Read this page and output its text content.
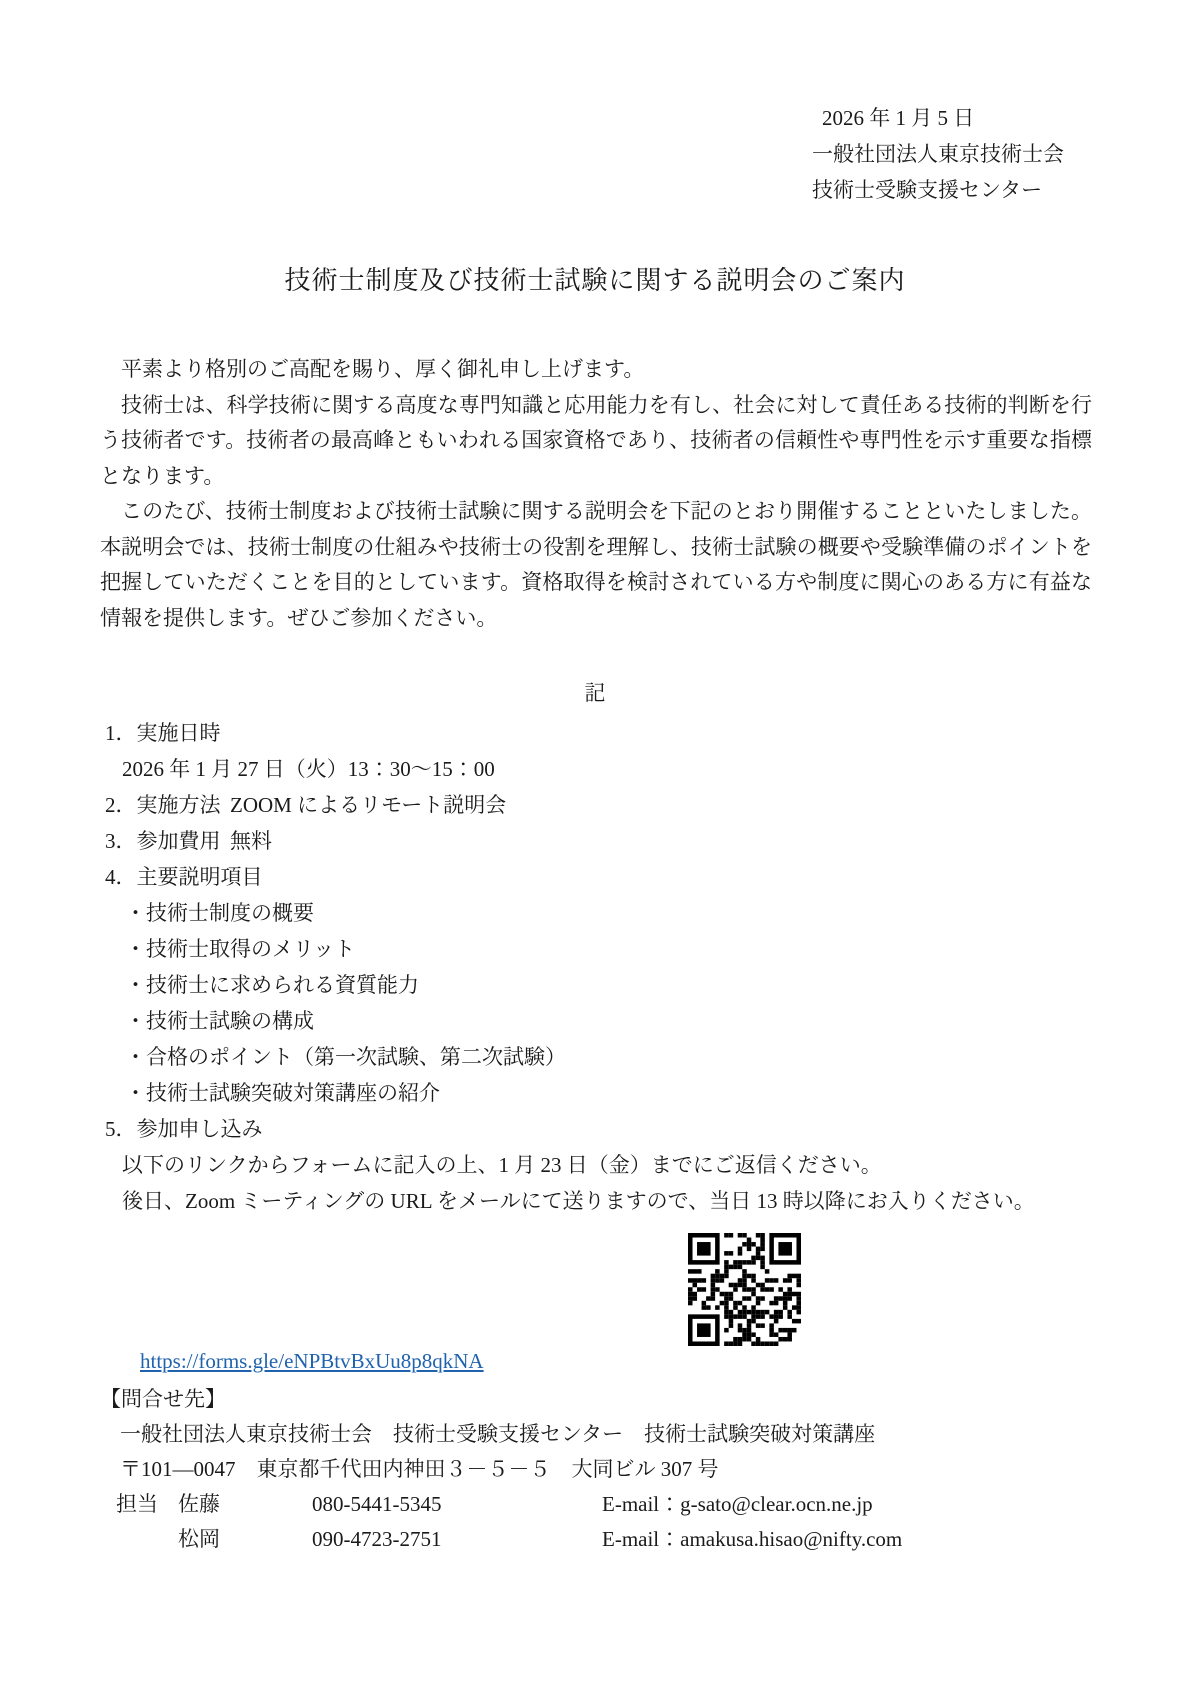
2026 年 1 月 5 日
一般社団法人東京技術士会
技術士受験支援センター
技術士制度及び技術士試験に関する説明会のご案内

平素より格別のご高配を賜り、厚く御礼申し上げます。

技術士は、科学技術に関する高度な専門知識と応用能力を有し、社会に対して責任ある技術的判断を行う技術者です。技術者の最高峰ともいわれる国家資格であり、技術者の信頼性や専門性を示す重要な指標となります。

このたび、技術士制度および技術士試験に関する説明会を下記のとおり開催することといたしました。本説明会では、技術士制度の仕組みや技術士の役割を理解し、技術士試験の概要や受験準備のポイントを把握していただくことを目的としています。資格取得を検討されている方や制度に関心のある方に有益な情報を提供します。ぜひご参加ください。

記
1．実施日時
2026 年 1 月 27 日（火）13：30～15：00
2．実施方法 ZOOM によるリモート説明会
3．参加費用 無料
4．主要説明項目
・ 技術士制度の概要
・ 技術士取得のメリット
・ 技術士に求められる資質能力
・ 技術士試験の構成
・ 合格のポイント（第一次試験、第二次試験）
・ 技術士試験突破対策講座の紹介
5．参加申し込み
以下のリンクからフォームに記入の上、1 月 23 日（金）までにご返信ください。
後日、Zoom ミーティングの URL をメールにて送りますので、当日 13 時以降にお入りください。
https://forms.gle/eNPBtvBxUu8p8qkNA
【問合せ先】
一般社団法人東京技術士会　技術士受験支援センター　技術士試験突破対策講座
〒101―0047　東京都千代田内神田３－５－５　大同ビル 307 号
担当 佐藤	080-5441-5345	E-mail： g-sato@clear.ocn.ne.jp
松岡	090-4723-2751	E-mail： amakusa.hisao@nifty.com
